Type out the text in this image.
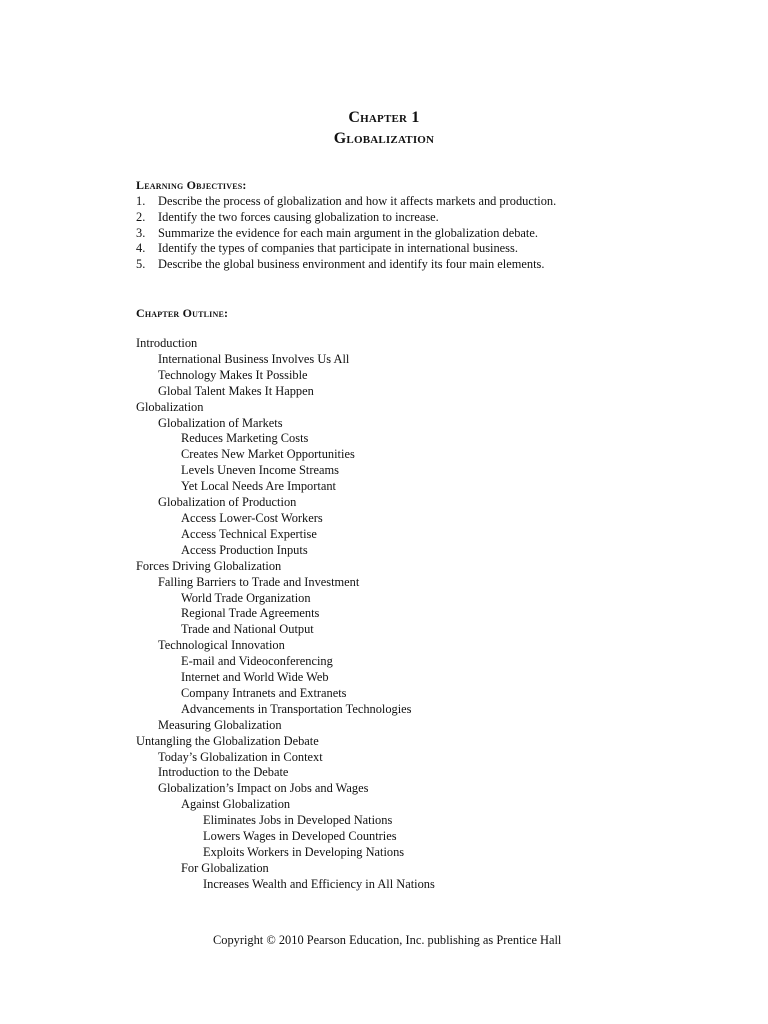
Chapter 1
Globalization
Learning Objectives:
1. Describe the process of globalization and how it affects markets and production.
2. Identify the two forces causing globalization to increase.
3. Summarize the evidence for each main argument in the globalization debate.
4. Identify the types of companies that participate in international business.
5. Describe the global business environment and identify its four main elements.
Chapter Outline:
Introduction
International Business Involves Us All
Technology Makes It Possible
Global Talent Makes It Happen
Globalization
Globalization of Markets
Reduces Marketing Costs
Creates New Market Opportunities
Levels Uneven Income Streams
Yet Local Needs Are Important
Globalization of Production
Access Lower-Cost Workers
Access Technical Expertise
Access Production Inputs
Forces Driving Globalization
Falling Barriers to Trade and Investment
World Trade Organization
Regional Trade Agreements
Trade and National Output
Technological Innovation
E-mail and Videoconferencing
Internet and World Wide Web
Company Intranets and Extranets
Advancements in Transportation Technologies
Measuring Globalization
Untangling the Globalization Debate
Today’s Globalization in Context
Introduction to the Debate
Globalization’s Impact on Jobs and Wages
Against Globalization
Eliminates Jobs in Developed Nations
Lowers Wages in Developed Countries
Exploits Workers in Developing Nations
For Globalization
Increases Wealth and Efficiency in All Nations
Copyright © 2010 Pearson Education, Inc. publishing as Prentice Hall
